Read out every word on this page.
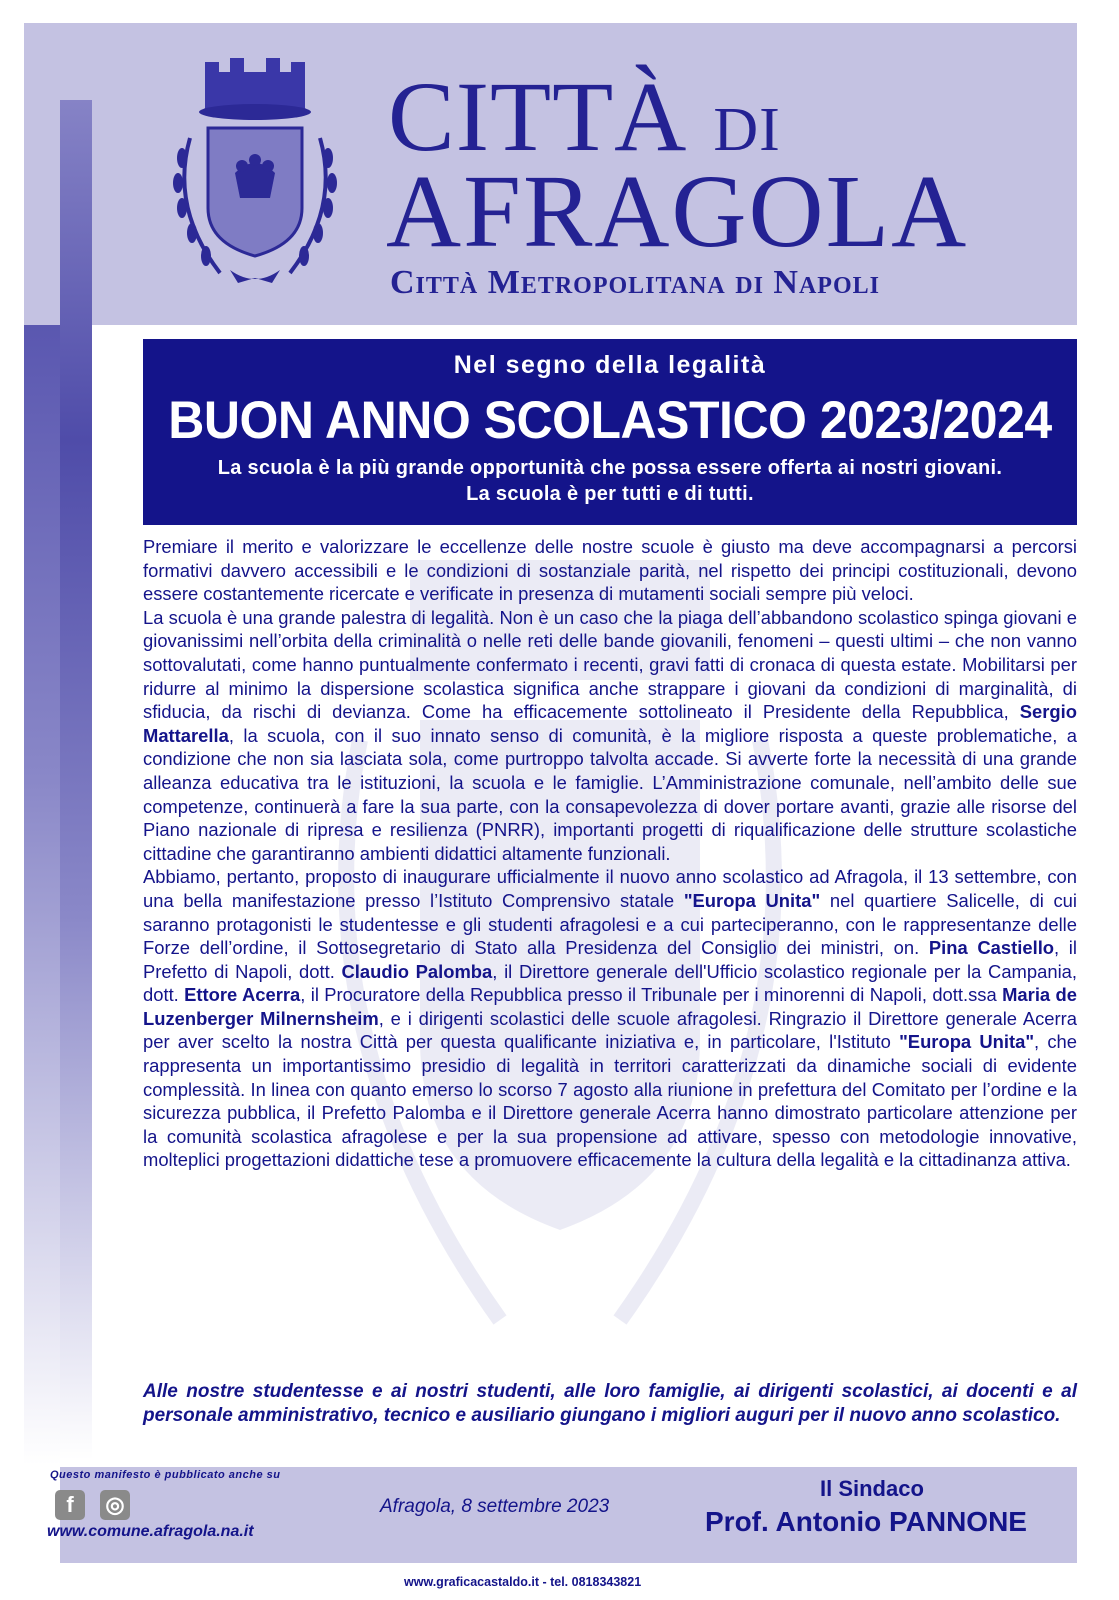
CITTÀ DI
AFRAGOLA
Città Metropolitana di Napoli
Nel segno della legalità
BUON ANNO SCOLASTICO 2023/2024
La scuola è la più grande opportunità che possa essere offerta ai nostri giovani.
La scuola è per tutti e di tutti.

Premiare il merito e valorizzare le eccellenze delle nostre scuole è giusto ma deve accompagnarsi a percorsi formativi davvero accessibili e le condizioni di sostanziale parità, nel rispetto dei principi costituzionali, devono essere costantemente ricercate e verificate in presenza di mutamenti sociali sempre più veloci.

La scuola è una grande palestra di legalità. Non è un caso che la piaga dell’abbandono scolastico spinga giovani e giovanissimi nell’orbita della criminalità o nelle reti delle bande giovanili, fenomeni – questi ultimi – che non vanno sottovalutati, come hanno puntualmente confermato i recenti, gravi fatti di cronaca di questa estate. Mobilitarsi per ridurre al minimo la dispersione scolastica significa anche strappare i giovani da condizioni di marginalità, di sfiducia, da rischi di devianza. Come ha efficacemente sottolineato il Presidente della Repubblica, Sergio Mattarella, la scuola, con il suo innato senso di comunità, è la migliore risposta a queste problematiche, a condizione che non sia lasciata sola, come purtroppo talvolta accade. Si avverte forte la necessità di una grande alleanza educativa tra le istituzioni, la scuola e le famiglie. L’Amministrazione comunale, nell’ambito delle sue competenze, continuerà a fare la sua parte, con la consapevolezza di dover portare avanti, grazie alle risorse del Piano nazionale di ripresa e resilienza (PNRR), importanti progetti di riqualificazione delle strutture scolastiche cittadine che garantiranno ambienti didattici altamente funzionali.

Abbiamo, pertanto, proposto di inaugurare ufficialmente il nuovo anno scolastico ad Afragola, il 13 settembre, con una bella manifestazione presso l’Istituto Comprensivo statale "Europa Unita" nel quartiere Salicelle, di cui saranno protagonisti le studentesse e gli studenti afragolesi e a cui parteciperanno, con le rappresentanze delle Forze dell’ordine, il Sottosegretario di Stato alla Presidenza del Consiglio dei ministri, on. Pina Castiello, il Prefetto di Napoli, dott. Claudio Palomba, il Direttore generale dell'Ufficio scolastico regionale per la Campania, dott. Ettore Acerra, il Procuratore della Repubblica presso il Tribunale per i minorenni di Napoli, dott.ssa Maria de Luzenberger Milnernsheim, e i dirigenti scolastici delle scuole afragolesi. Ringrazio il Direttore generale Acerra per aver scelto la nostra Città per questa qualificante iniziativa e, in particolare, l'Istituto "Europa Unita", che rappresenta un importantissimo presidio di legalità in territori caratterizzati da dinamiche sociali di evidente complessità. In linea con quanto emerso lo scorso 7 agosto alla riunione in prefettura del Comitato per l’ordine e la sicurezza pubblica, il Prefetto Palomba e il Direttore generale Acerra hanno dimostrato particolare attenzione per la comunità scolastica afragolese e per la sua propensione ad attivare, spesso con metodologie innovative, molteplici progettazioni didattiche tese a promuovere efficacemente la cultura della legalità e la cittadinanza attiva.

Alle nostre studentesse e ai nostri studenti, alle loro famiglie, ai dirigenti scolastici, ai docenti e al personale amministrativo, tecnico e ausiliario giungano i migliori auguri per il nuovo anno scolastico.
Questo manifesto è pubblicato anche su
f	◎
www.comune.afragola.na.it
Afragola, 8 settembre 2023
Il Sindaco
Prof. Antonio PANNONE
www.graficacastaldo.it - tel. 0818343821
